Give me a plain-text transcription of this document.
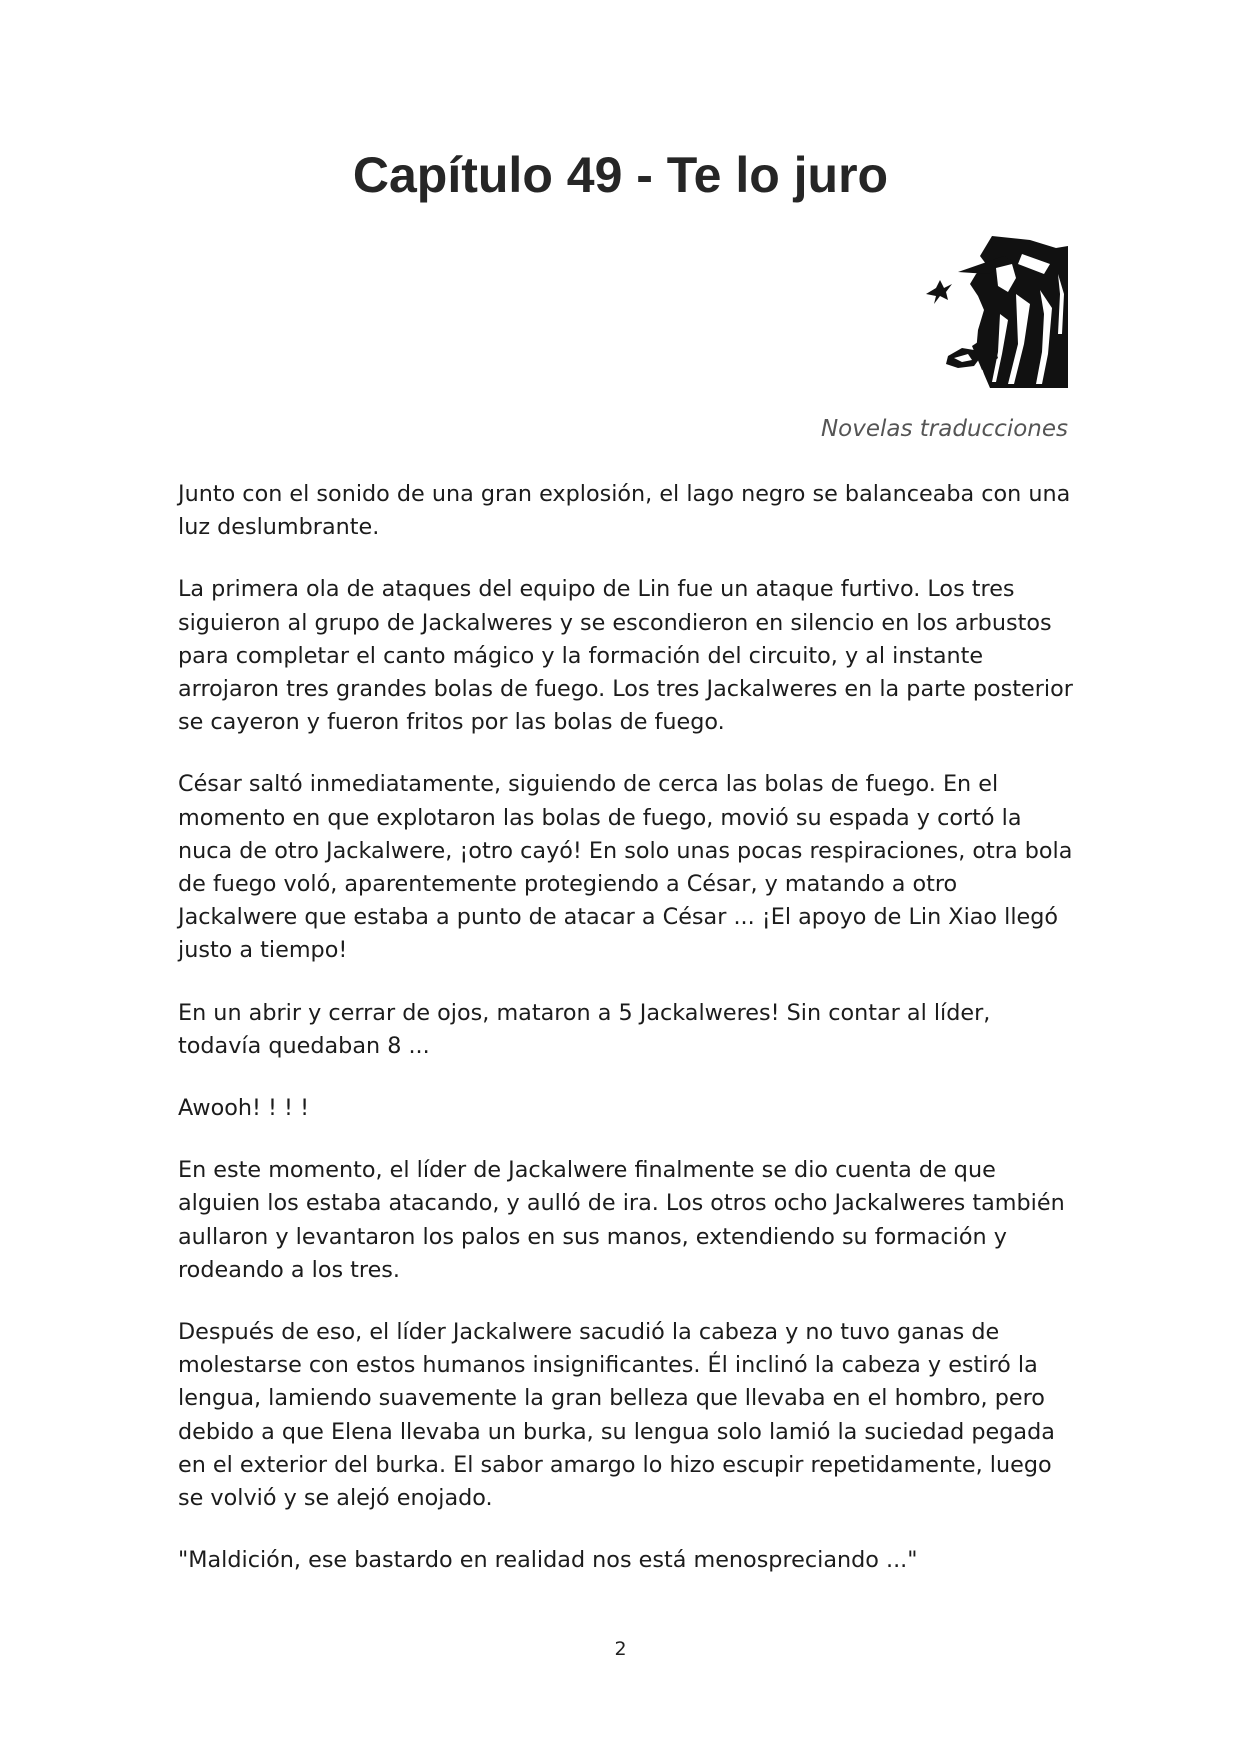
Capítulo 49 - Te lo juro
Novelas traducciones

Junto con el sonido de una gran explosión, el lago negro se balanceaba con una luz deslumbrante.

La primera ola de ataques del equipo de Lin fue un ataque furtivo. Los tres siguieron al grupo de Jackalweres y se escondieron en silencio en los arbustos para completar el canto mágico y la formación del circuito, y al instante arrojaron tres grandes bolas de fuego. Los tres Jackalweres en la parte posterior se cayeron y fueron fritos por las bolas de fuego.

César saltó inmediatamente, siguiendo de cerca las bolas de fuego. En el momento en que explotaron las bolas de fuego, movió su espada y cortó la nuca de otro Jackalwere, ¡otro cayó! En solo unas pocas respiraciones, otra bola de fuego voló, aparentemente protegiendo a César, y matando a otro Jackalwere que estaba a punto de atacar a César ... ¡El apoyo de Lin Xiao llegó justo a tiempo!

En un abrir y cerrar de ojos, mataron a 5 Jackalweres! Sin contar al líder, todavía quedaban 8 ...

Awooh! ! ! !

En este momento, el líder de Jackalwere finalmente se dio cuenta de que alguien los estaba atacando, y aulló de ira. Los otros ocho Jackalweres también aullaron y levantaron los palos en sus manos, extendiendo su formación y rodeando a los tres.

Después de eso, el líder Jackalwere sacudió la cabeza y no tuvo ganas de molestarse con estos humanos insignificantes. Él inclinó la cabeza y estiró la lengua, lamiendo suavemente la gran belleza que llevaba en el hombro, pero debido a que Elena llevaba un burka, su lengua solo lamió la suciedad pegada en el exterior del burka. El sabor amargo lo hizo escupir repetidamente, luego se volvió y se alejó enojado.

"Maldición, ese bastardo en realidad nos está menospreciando ..."

2
